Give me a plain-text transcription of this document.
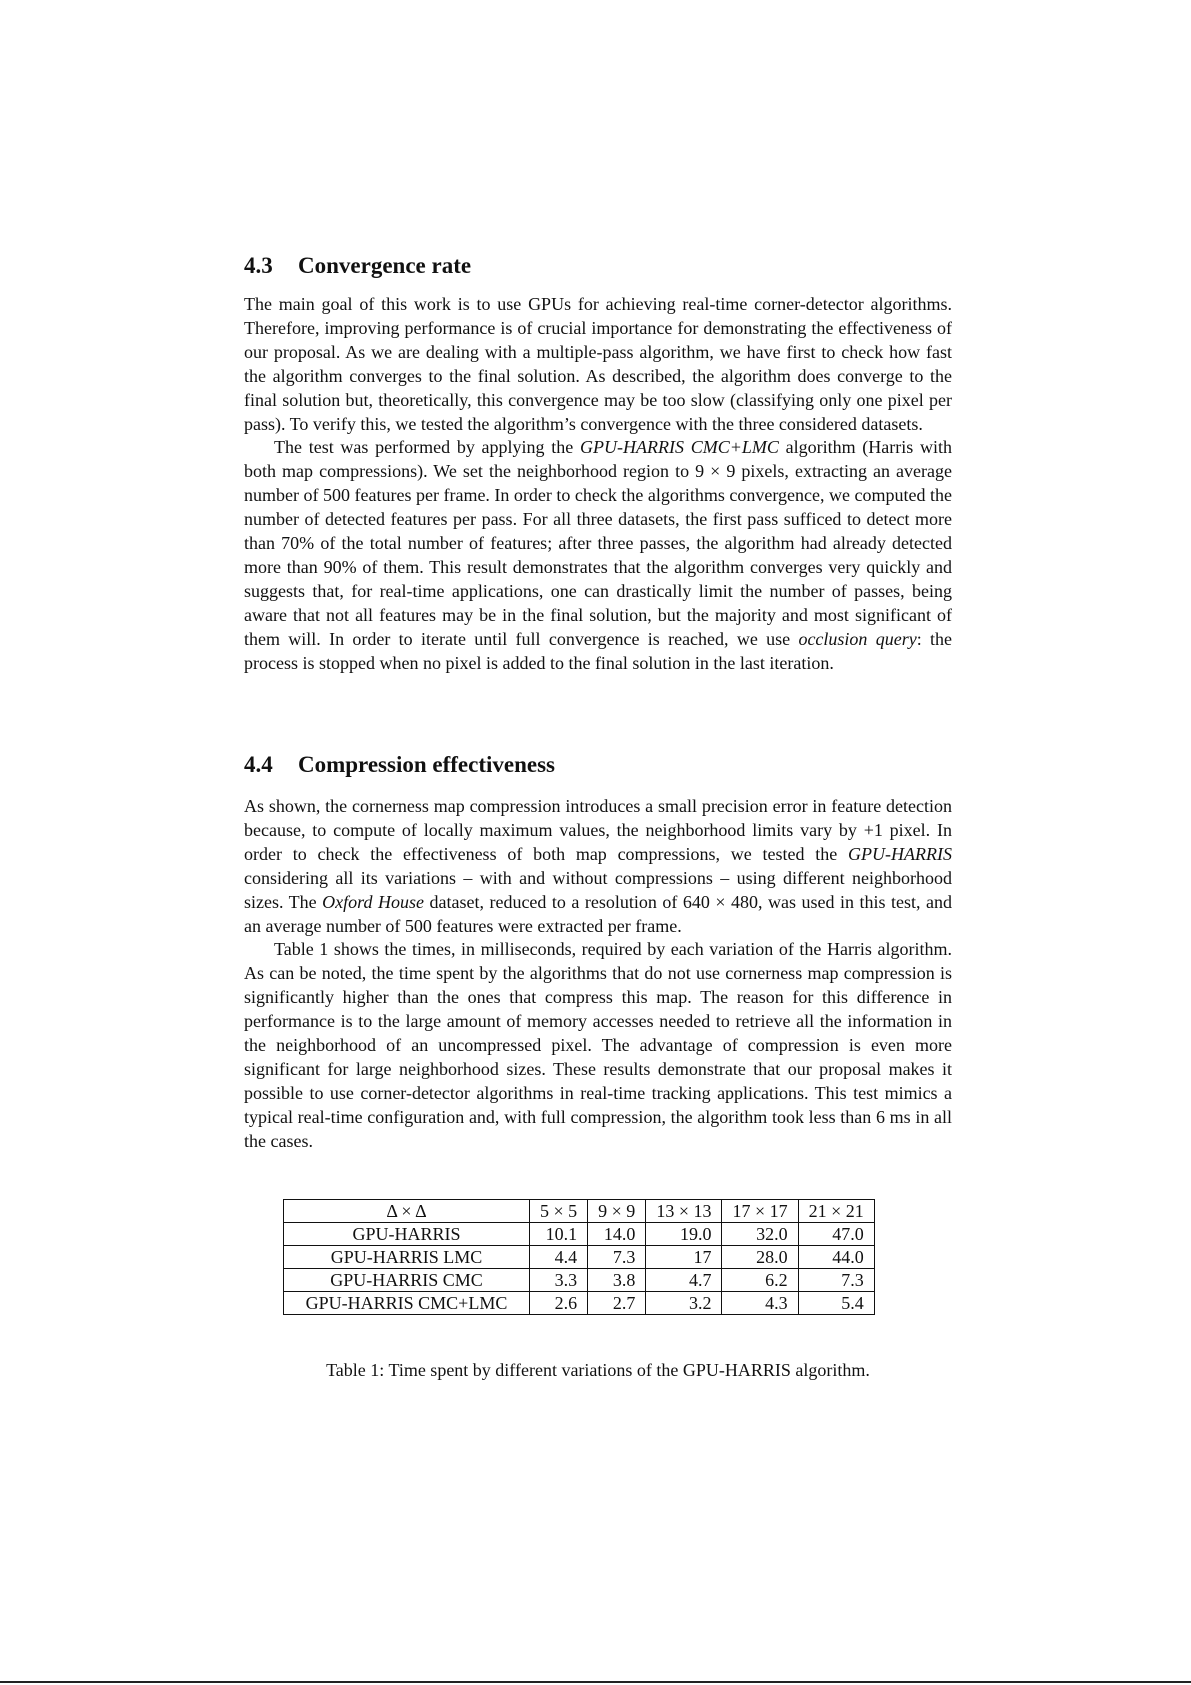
4.3 Convergence rate

The main goal of this work is to use GPUs for achieving real-time corner-detector algorithms. Therefore, improving performance is of crucial importance for demonstrating the effectiveness of our proposal. As we are dealing with a multiple-pass algorithm, we have first to check how fast the algorithm converges to the final solution. As described, the algorithm does converge to the final solution but, theoretically, this convergence may be too slow (classifying only one pixel per pass). To verify this, we tested the algorithm’s convergence with the three considered datasets.

The test was performed by applying the GPU-HARRIS CMC+LMC algorithm (Harris with both map compressions). We set the neighborhood region to 9 × 9 pixels, extracting an average number of 500 features per frame. In order to check the algorithms convergence, we computed the number of detected features per pass. For all three datasets, the first pass sufficed to detect more than 70% of the total number of features; after three passes, the algorithm had already detected more than 90% of them. This result demonstrates that the algorithm converges very quickly and suggests that, for real-time applications, one can drastically limit the number of passes, being aware that not all features may be in the final solution, but the majority and most significant of them will. In order to iterate until full convergence is reached, we use occlusion query: the process is stopped when no pixel is added to the final solution in the last iteration.

4.4 Compression effectiveness

As shown, the cornerness map compression introduces a small precision error in feature detection because, to compute of locally maximum values, the neighborhood limits vary by +1 pixel. In order to check the effectiveness of both map compressions, we tested the GPU-HARRIS considering all its variations – with and without compressions – using different neighborhood sizes. The Oxford House dataset, reduced to a resolution of 640 × 480, was used in this test, and an average number of 500 features were extracted per frame.

Table 1 shows the times, in milliseconds, required by each variation of the Harris algorithm. As can be noted, the time spent by the algorithms that do not use cornerness map compression is significantly higher than the ones that compress this map. The reason for this difference in performance is to the large amount of memory accesses needed to retrieve all the information in the neighborhood of an uncompressed pixel. The advantage of compression is even more significant for large neighborhood sizes. These results demonstrate that our proposal makes it possible to use corner-detector algorithms in real-time tracking applications. This test mimics a typical real-time configuration and, with full compression, the algorithm took less than 6 ms in all the cases.

Δ × Δ	5 × 5	9 × 9	13 × 13	17 × 17	21 × 21
GPU-HARRIS	10.1	14.0	19.0	32.0	47.0
GPU-HARRIS LMC	4.4	7.3	17	28.0	44.0
GPU-HARRIS CMC	3.3	3.8	4.7	6.2	7.3
GPU-HARRIS CMC+LMC	2.6	2.7	3.2	4.3	5.4
Table 1: Time spent by different variations of the GPU-HARRIS algorithm.
